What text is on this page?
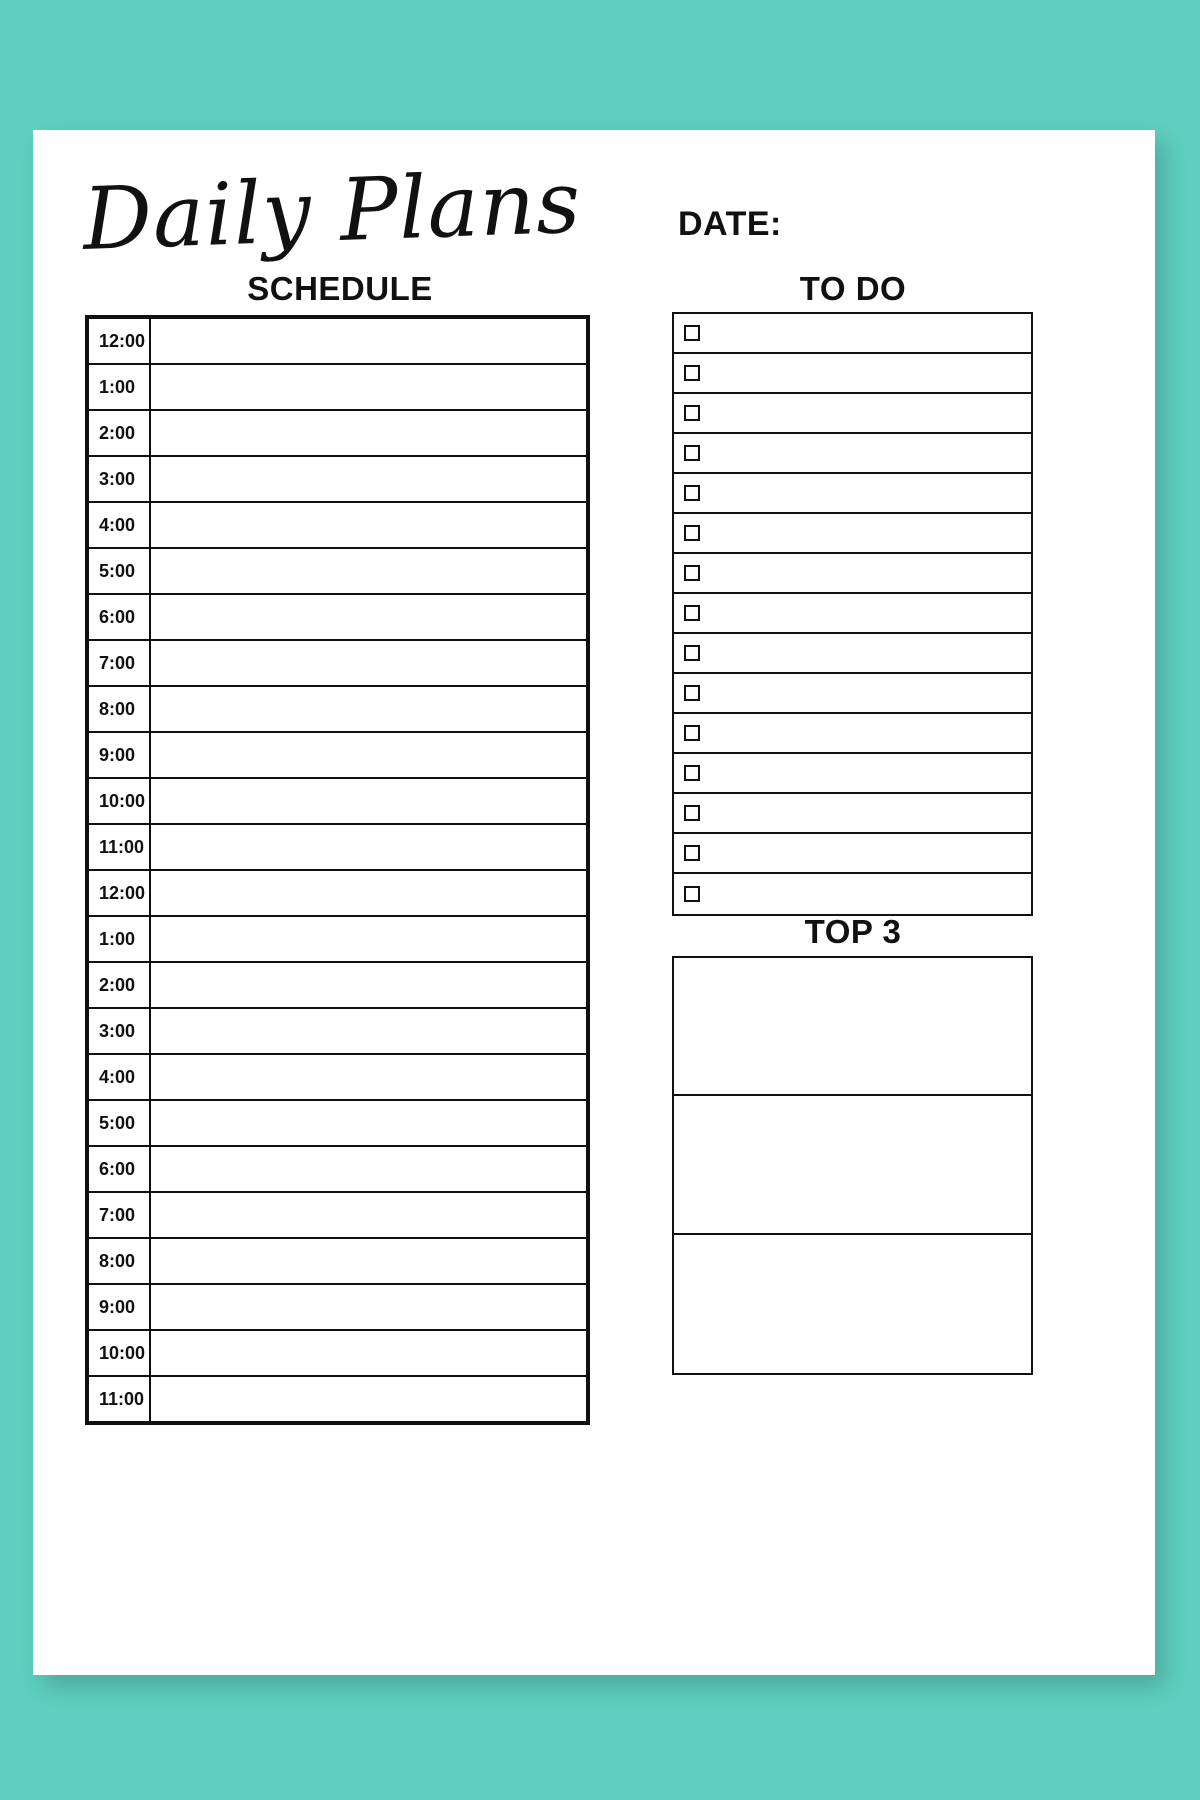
Daily Plans	DATE:
SCHEDULE	TO DO
TOP 3
12:00	
1:00	
2:00	
3:00	
4:00	
5:00	
6:00	
7:00	
8:00	
9:00	
10:00	
11:00	
12:00	
1:00	
2:00	
3:00	
4:00	
5:00	
6:00	
7:00	
8:00	
9:00	
10:00	
11:00	
